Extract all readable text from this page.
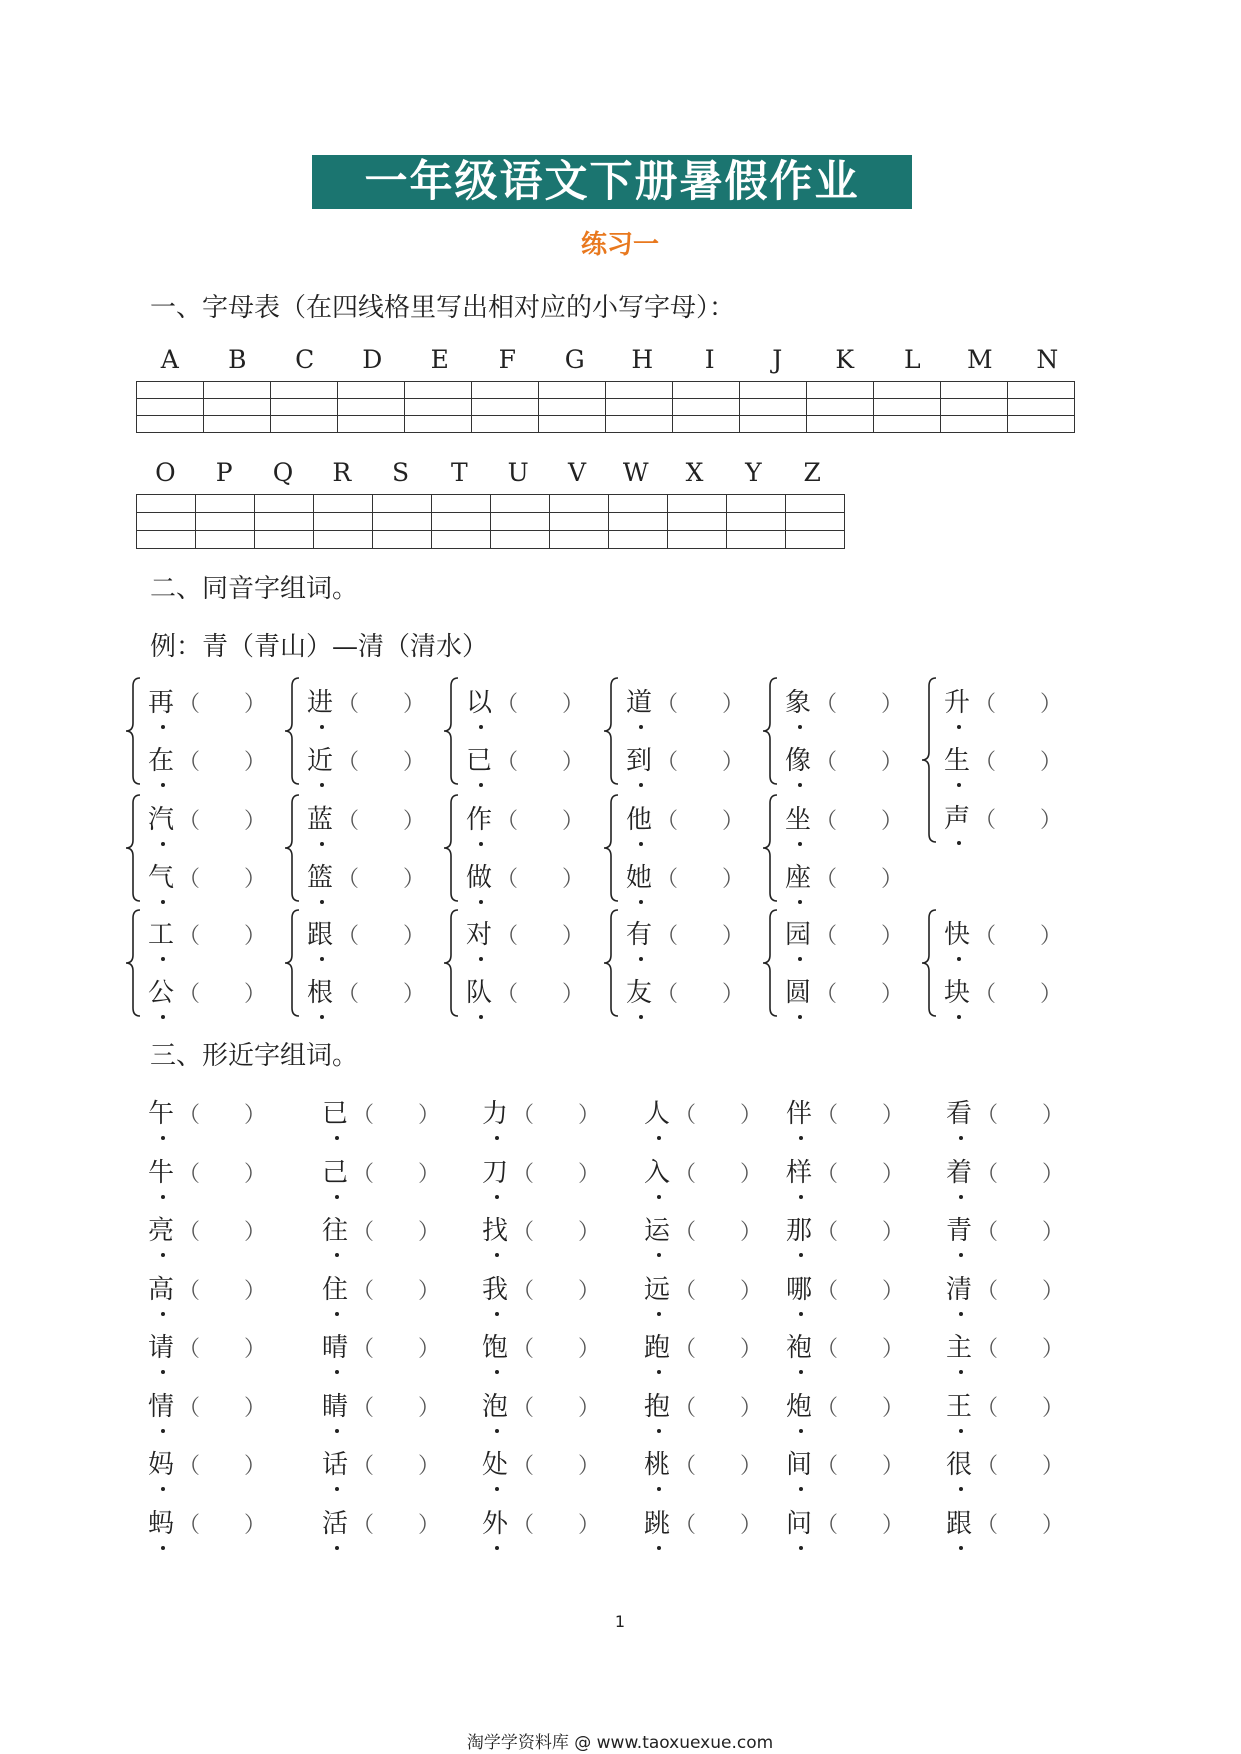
一年级语文下册暑假作业
练习一
一、字母表（在四线格里写出相对应的小写字母）：
A	B	C	D	E	F	G	H	I	J	K	L	M	N

O	P	Q	R	S	T	U	V	W	X	Y	Z

二、同音字组词。
例：青（青山）—清（清水）
再 （　　）
在 （　　）
进 （　　）
近 （　　）
以 （　　）
已 （　　）
道 （　　）
到 （　　）
象 （　　）
像 （　　）
升 （　　）
生 （　　）
声 （　　）
汽 （　　）
气 （　　）
蓝 （　　）
篮 （　　）
作 （　　）
做 （　　）
他 （　　）
她 （　　）
坐 （　　）
座 （　　）
工 （　　）
公 （　　）
跟 （　　）
根 （　　）
对 （　　）
队 （　　）
有 （　　）
友 （　　）
园 （　　）
圆 （　　）
快 （　　）
块 （　　）
三、形近字组词。
午 （　　） 已 （　　） 力 （　　） 人 （　　） 伴 （　　） 看 （　　）
牛 （　　） 己 （　　） 刀 （　　） 入 （　　） 样 （　　） 着 （　　）
亮 （　　） 往 （　　） 找 （　　） 运 （　　） 那 （　　） 青 （　　）
高 （　　） 住 （　　） 我 （　　） 远 （　　） 哪 （　　） 清 （　　）
请 （　　） 晴 （　　） 饱 （　　） 跑 （　　） 袍 （　　） 主 （　　）
情 （　　） 睛 （　　） 泡 （　　） 抱 （　　） 炮 （　　） 王 （　　）
妈 （　　） 话 （　　） 处 （　　） 桃 （　　） 间 （　　） 很 （　　）
蚂 （　　） 活 （　　） 外 （　　） 跳 （　　） 问 （　　） 跟 （　　）
1
淘学学资料库 @ www.taoxuexue.com
